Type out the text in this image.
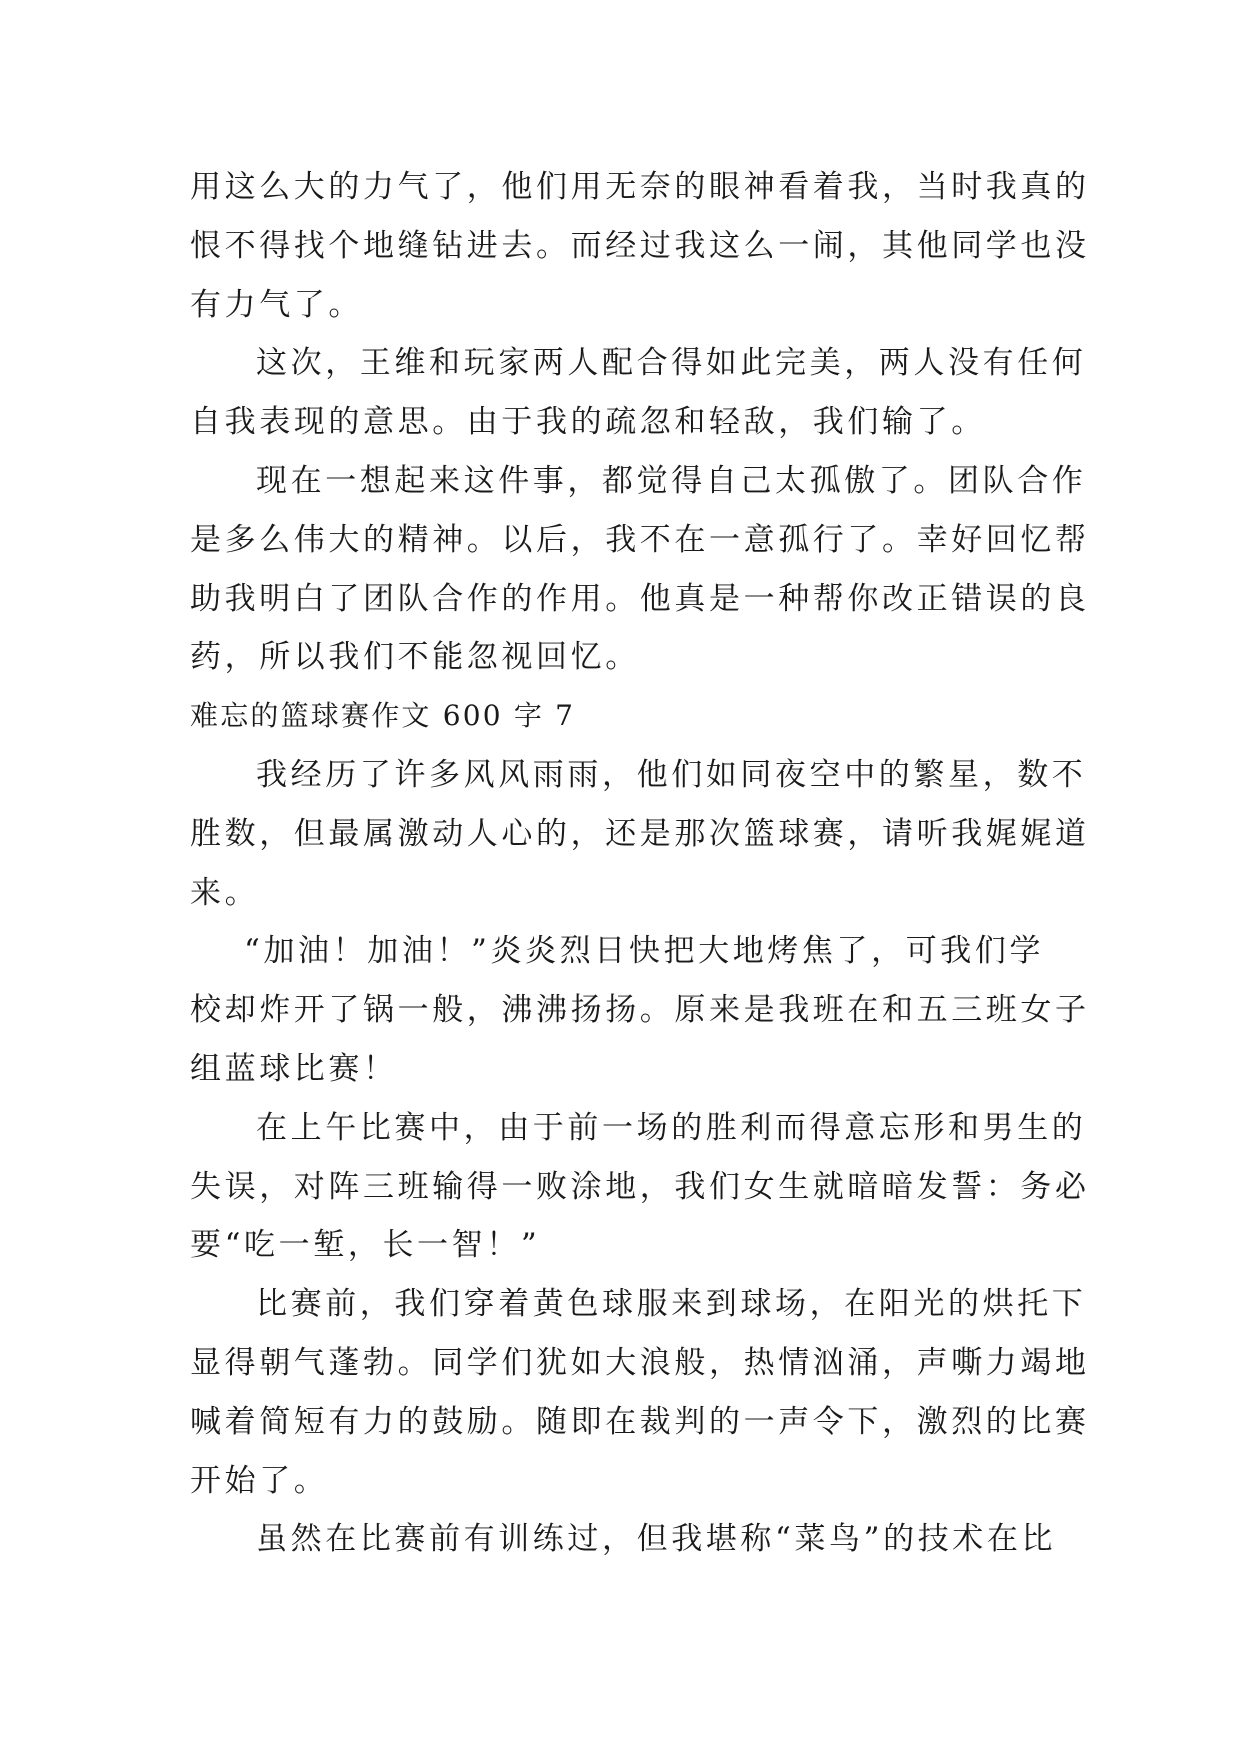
用这么大的力气了，他们用无奈的眼神看着我，当时我真的
恨不得找个地缝钻进去。而经过我这么一闹，其他同学也没
有力气了。
这次，王维和玩家两人配合得如此完美，两人没有任何
自我表现的意思。由于我的疏忽和轻敌，我们输了。
现在一想起来这件事，都觉得自己太孤傲了。团队合作
是多么伟大的精神。以后，我不在一意孤行了。幸好回忆帮
助我明白了团队合作的作用。他真是一种帮你改正错误的良
药，所以我们不能忽视回忆。
难忘的篮球赛作文 600 字 7
我经历了许多风风雨雨，他们如同夜空中的繁星，数不
胜数，但最属激动人心的，还是那次篮球赛，请听我娓娓道
来。
“加油！加油！”炎炎烈日快把大地烤焦了，可我们学
校却炸开了锅一般，沸沸扬扬。原来是我班在和五三班女子
组蓝球比赛！
在上午比赛中，由于前一场的胜利而得意忘形和男生的
失误，对阵三班输得一败涂地，我们女生就暗暗发誓：务必
要“吃一堑，长一智！”
比赛前，我们穿着黄色球服来到球场，在阳光的烘托下
显得朝气蓬勃。同学们犹如大浪般，热情汹涌，声嘶力竭地
喊着简短有力的鼓励。随即在裁判的一声令下，激烈的比赛
开始了。
虽然在比赛前有训练过，但我堪称“菜鸟”的技术在比
